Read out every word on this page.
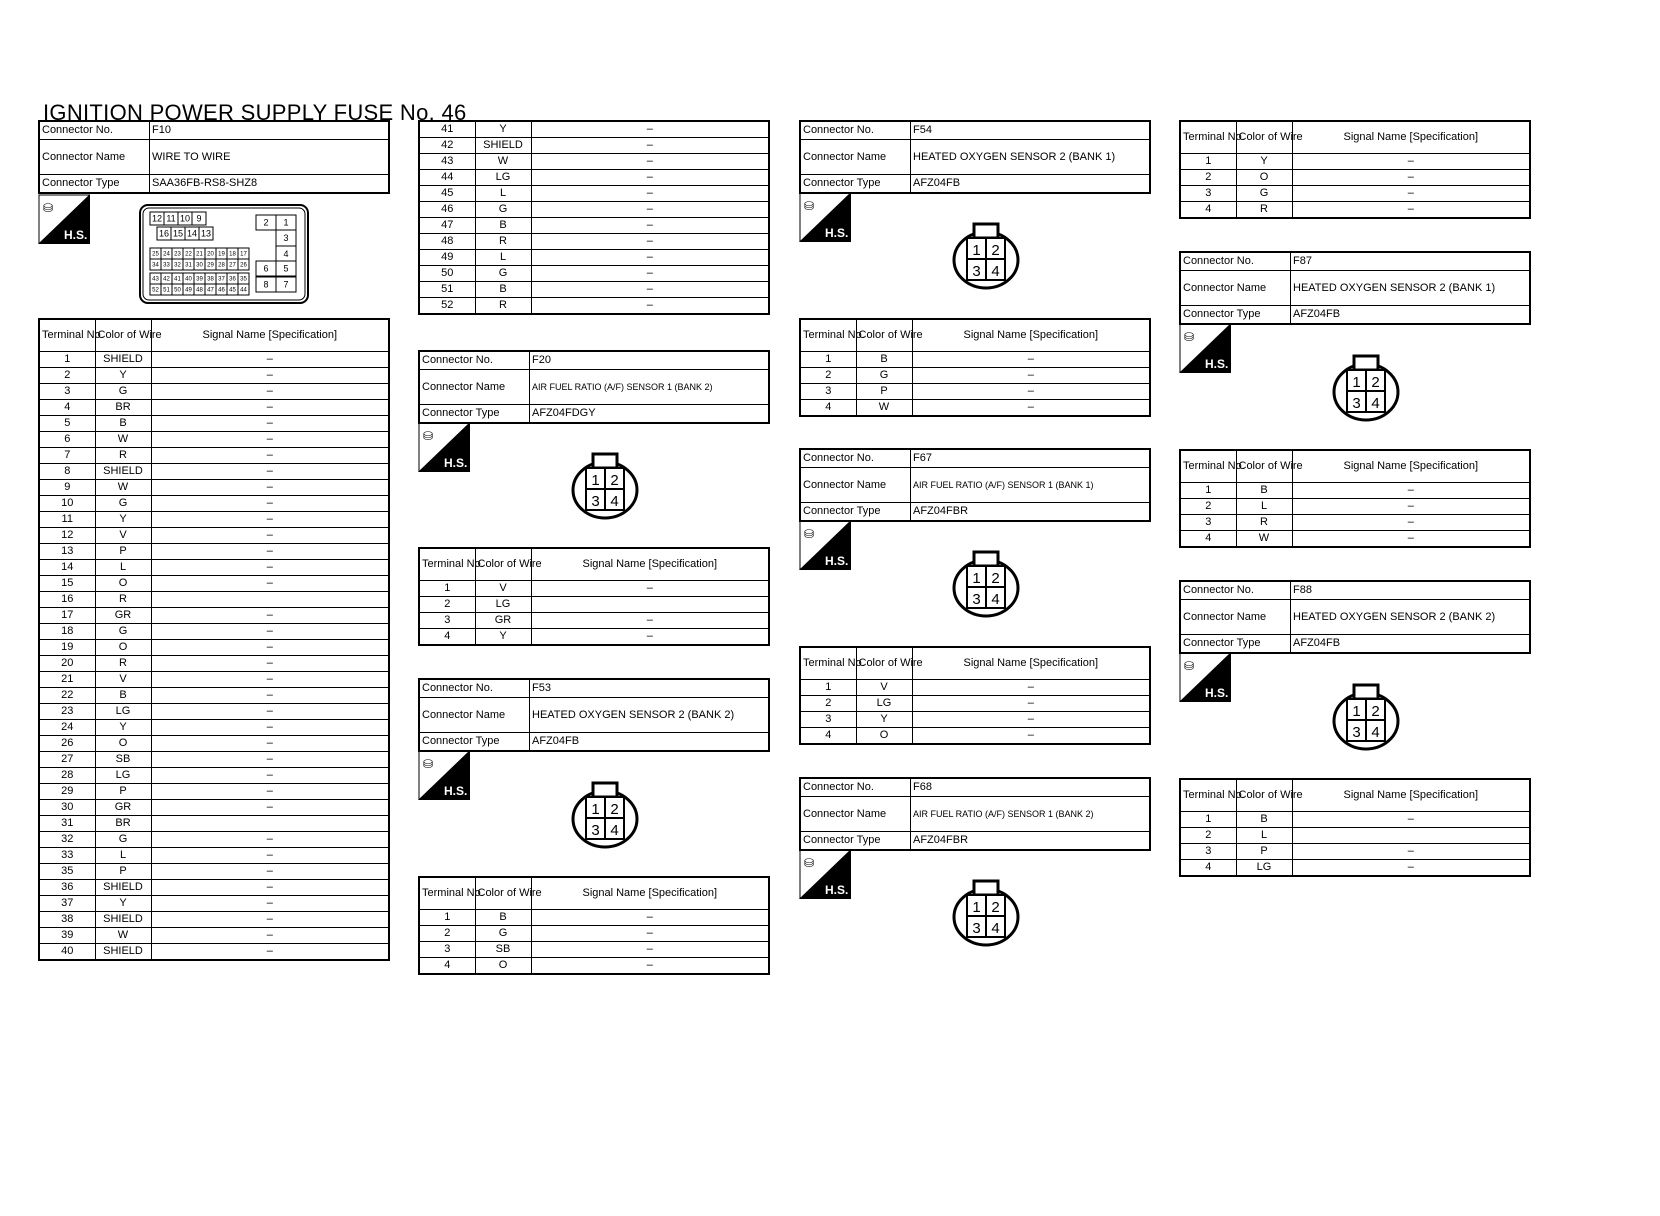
IGNITION POWER SUPPLY FUSE No. 46
Connector No.	F10
Connector Name	WIRE TO WIRE
Connector Type	SAA36FB-RS8-SHZ8
⛁
H.S.
12 11 10 9
16 15 14 13
2 1
3
4
25 24 23 22 21 20 19 18 17
34 33 32 31 30 29 28 27 26 6 5
43 42 41 40 39 38 37 36 35
52 51 50 49 48 47 46 45 44
8 7
Terminal No.	Color of Wire	Signal Name [Specification]
1	SHIELD	–
2	Y	–
3	G	–
4	BR	–
5	B	–
6	W	–
7	R	–
8	SHIELD	–
9	W	–
10	G	–
11	Y	–
12	V	–
13	P	–
14	L	–
15	O	–
16	R	
17	GR	–
18	G	–
19	O	–
20	R	–
21	V	–
22	B	–
23	LG	–
24	Y	–
26	O	–
27	SB	–
28	LG	–
29	P	–
30	GR	–
31	BR	
32	G	–
33	L	–
35	P	–
36	SHIELD	–
37	Y	–
38	SHIELD	–
39	W	–
40	SHIELD	–
41	Y	–
42	SHIELD	–
43	W	–
44	LG	–
45	L	–
46	G	–
47	B	–
48	R	–
49	L	–
50	G	–
51	B	–
52	R	–
Connector No.	F20
Connector Name	AIR FUEL RATIO (A/F) SENSOR 1 (BANK 2)
Connector Type	AFZ04FDGY
⛁
H.S.
1 2
3 4
Terminal No.	Color of Wire	Signal Name [Specification]
1	V	–
2	LG	
3	GR	–
4	Y	–
Connector No.	F53
Connector Name	HEATED OXYGEN SENSOR 2 (BANK 2)
Connector Type	AFZ04FB
⛁
H.S.
1 2
3 4
Terminal No.	Color of Wire	Signal Name [Specification]
1	B	–
2	G	–
3	SB	–
4	O	–
Connector No.	F54
Connector Name	HEATED OXYGEN SENSOR 2 (BANK 1)
Connector Type	AFZ04FB
⛁
H.S.
1 2
3 4
Terminal No.	Color of Wire	Signal Name [Specification]
1	B	–
2	G	–
3	P	–
4	W	–
Connector No.	F67
Connector Name	AIR FUEL RATIO (A/F) SENSOR 1 (BANK 1)
Connector Type	AFZ04FBR
⛁
H.S.
1 2
3 4
Terminal No.	Color of Wire	Signal Name [Specification]
1	V	–
2	LG	–
3	Y	–
4	O	–
Connector No.	F68
Connector Name	AIR FUEL RATIO (A/F) SENSOR 1 (BANK 2)
Connector Type	AFZ04FBR
⛁
H.S.
1 2
3 4
Terminal No.	Color of Wire	Signal Name [Specification]
1	Y	–
2	O	–
3	G	–
4	R	–
Connector No.	F87
Connector Name	HEATED OXYGEN SENSOR 2 (BANK 1)
Connector Type	AFZ04FB
⛁
H.S.
1 2
3 4
Terminal No.	Color of Wire	Signal Name [Specification]
1	B	–
2	L	–
3	R	–
4	W	–
Connector No.	F88
Connector Name	HEATED OXYGEN SENSOR 2 (BANK 2)
Connector Type	AFZ04FB
⛁
H.S.
1 2
3 4
Terminal No.	Color of Wire	Signal Name [Specification]
1	B	–
2	L	
3	P	–
4	LG	–
